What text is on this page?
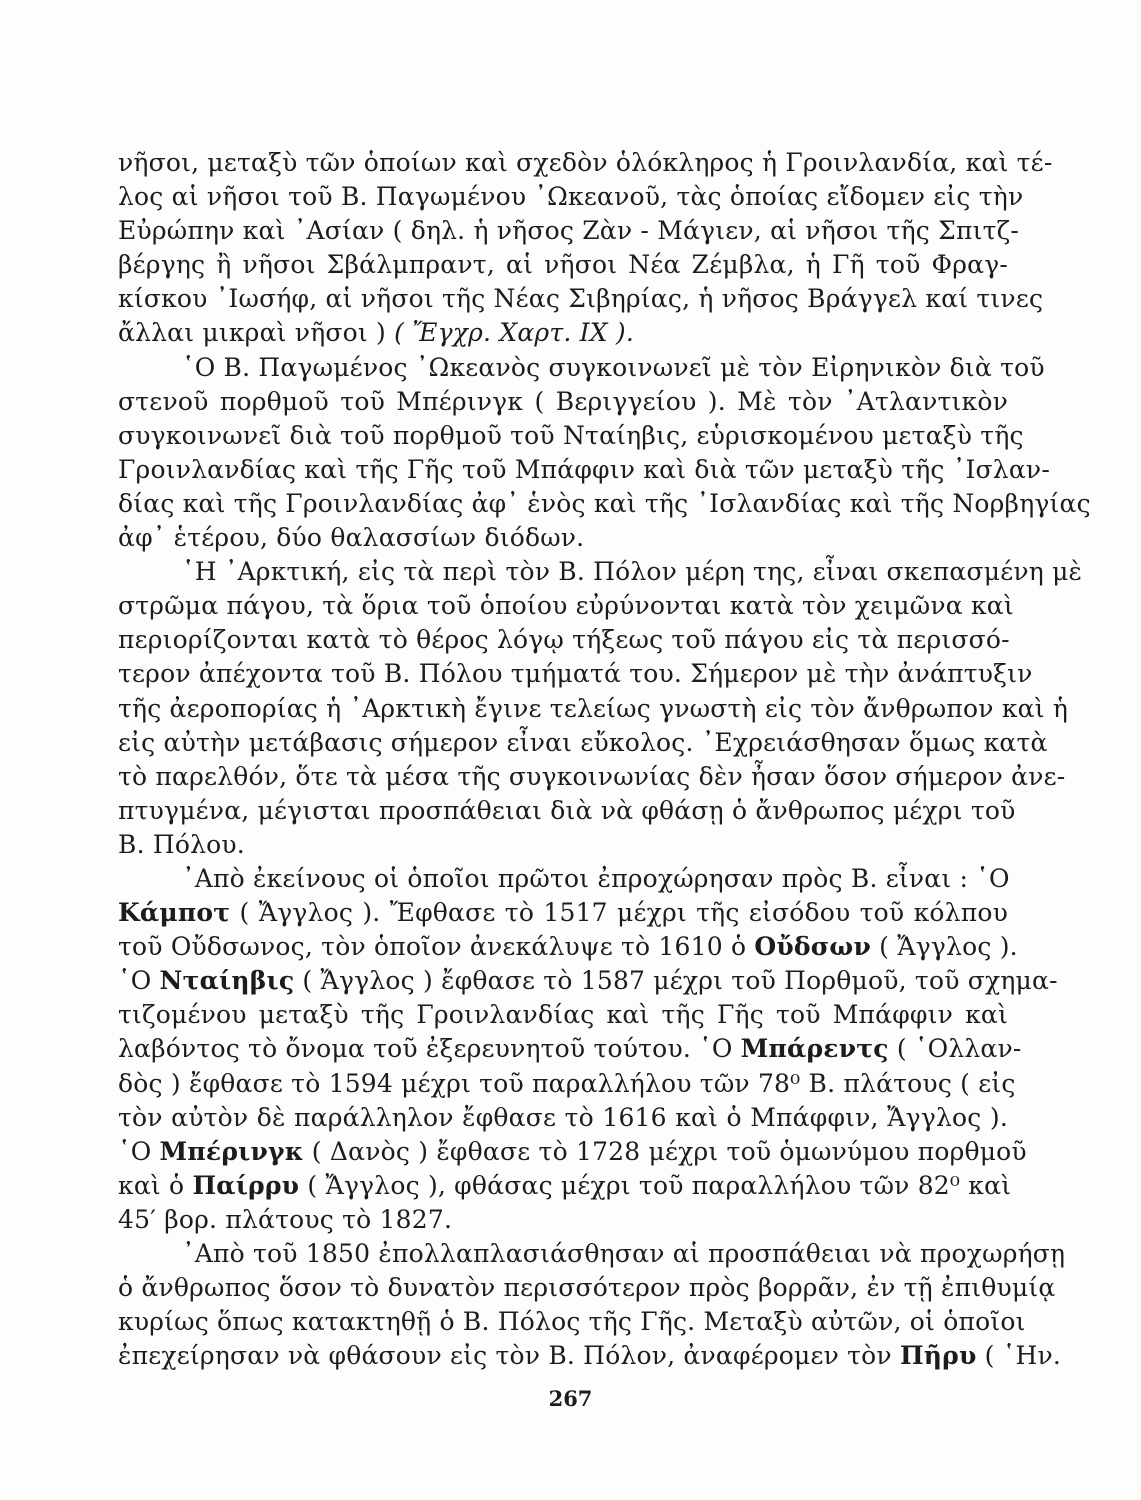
νῆσοι, μεταξὺ τῶν ὁποίων καὶ σχεδὸν ὁλόκληρος ἡ Γροινλανδία, καὶ τέ-
λος αἱ νῆσοι τοῦ Β. Παγωμένου ᾿Ωκεανοῦ, τὰς ὁποίας εἴδομεν εἰς τὴν
Εὐρώπην καὶ ᾿Ασίαν ( δηλ. ἡ νῆσος Ζὰν - Μάγιεν, αἱ νῆσοι τῆς Σπιτζ-
βέργης ἢ νῆσοι Σβάλμπραντ, αἱ νῆσοι Νέα Ζέμβλα, ἡ Γῆ τοῦ Φραγ-
κίσκου ᾿Ιωσήφ, αἱ νῆσοι τῆς Νέας Σιβηρίας, ἡ νῆσος Βράγγελ καί τινες
ἄλλαι μικραὶ νῆσοι ) ( Ἔγχρ. Χαρτ. IX ).
῾Ο Β. Παγωμένος ᾿Ωκεανὸς συγκοινωνεῖ μὲ τὸν Εἰρηνικὸν διὰ τοῦ
στενοῦ πορθμοῦ τοῦ Μπέρινγκ ( Βεριγγείου ). Μὲ τὸν ᾿Ατλαντικὸν
συγκοινωνεῖ διὰ τοῦ πορθμοῦ τοῦ Νταίηβις, εὑρισκομένου μεταξὺ τῆς
Γροινλανδίας καὶ τῆς Γῆς τοῦ Μπάφφιν καὶ διὰ τῶν μεταξὺ τῆς ᾿Ισλαν-
δίας καὶ τῆς Γροινλανδίας ἀφ᾿ ἑνὸς καὶ τῆς ᾿Ισλανδίας καὶ τῆς Νορβηγίας
ἀφ᾿ ἑτέρου, δύο θαλασσίων διόδων.
῾Η ᾿Αρκτική, εἰς τὰ περὶ τὸν Β. Πόλον μέρη της, εἶναι σκεπασμένη μὲ
στρῶμα πάγου, τὰ ὅρια τοῦ ὁποίου εὐρύνονται κατὰ τὸν χειμῶνα καὶ
περιορίζονται κατὰ τὸ θέρος λόγῳ τήξεως τοῦ πάγου εἰς τὰ περισσό-
τερον ἀπέχοντα τοῦ Β. Πόλου τμήματά του. Σήμερον μὲ τὴν ἀνάπτυξιν
τῆς ἀεροπορίας ἡ ᾿Αρκτικὴ ἔγινε τελείως γνωστὴ εἰς τὸν ἄνθρωπον καὶ ἡ
εἰς αὐτὴν μετάβασις σήμερον εἶναι εὔκολος. ᾿Εχρειάσθησαν ὅμως κατὰ
τὸ παρελθόν, ὅτε τὰ μέσα τῆς συγκοινωνίας δὲν ἦσαν ὅσον σήμερον ἀνε-
πτυγμένα, μέγισται προσπάθειαι διὰ νὰ φθάσῃ ὁ ἄνθρωπος μέχρι τοῦ
Β. Πόλου.
᾿Απὸ ἐκείνους οἱ ὁποῖοι πρῶτοι ἐπροχώρησαν πρὸς Β. εἶναι : ῾Ο
Κάμποτ ( Ἄγγλος ). Ἔφθασε τὸ 1517 μέχρι τῆς εἰσόδου τοῦ κόλπου
τοῦ Οὔδσωνος, τὸν ὁποῖον ἀνεκάλυψε τὸ 1610 ὁ Οὔδσων ( Ἄγγλος ).
῾Ο Νταίηβις ( Ἄγγλος ) ἔφθασε τὸ 1587 μέχρι τοῦ Πορθμοῦ, τοῦ σχημα-
τιζομένου μεταξὺ τῆς Γροινλανδίας καὶ τῆς Γῆς τοῦ Μπάφφιν καὶ
λαβόντος τὸ ὄνομα τοῦ ἐξερευνητοῦ τούτου. ῾Ο Μπάρεντς ( ῾Ολλαν-
δὸς ) ἔφθασε τὸ 1594 μέχρι τοῦ παραλλήλου τῶν 78⁰ Β. πλάτους ( εἰς
τὸν αὐτὸν δὲ παράλληλον ἔφθασε τὸ 1616 καὶ ὁ Μπάφφιν, Ἄγγλος ).
῾Ο Μπέρινγκ ( Δανὸς ) ἔφθασε τὸ 1728 μέχρι τοῦ ὁμωνύμου πορθμοῦ
καὶ ὁ Παίρρυ ( Ἄγγλος ), φθάσας μέχρι τοῦ παραλλήλου τῶν 82⁰ καὶ
45′ βορ. πλάτους τὸ 1827.
᾿Απὸ τοῦ 1850 ἐπολλαπλασιάσθησαν αἱ προσπάθειαι νὰ προχωρήσῃ
ὁ ἄνθρωπος ὅσον τὸ δυνατὸν περισσότερον πρὸς βορρᾶν, ἐν τῇ ἐπιθυμίᾳ
κυρίως ὅπως κατακτηθῇ ὁ Β. Πόλος τῆς Γῆς. Μεταξὺ αὐτῶν, οἱ ὁποῖοι
ἐπεχείρησαν νὰ φθάσουν εἰς τὸν Β. Πόλον, ἀναφέρομεν τὸν Πῆρυ ( ῾Ην.
267
